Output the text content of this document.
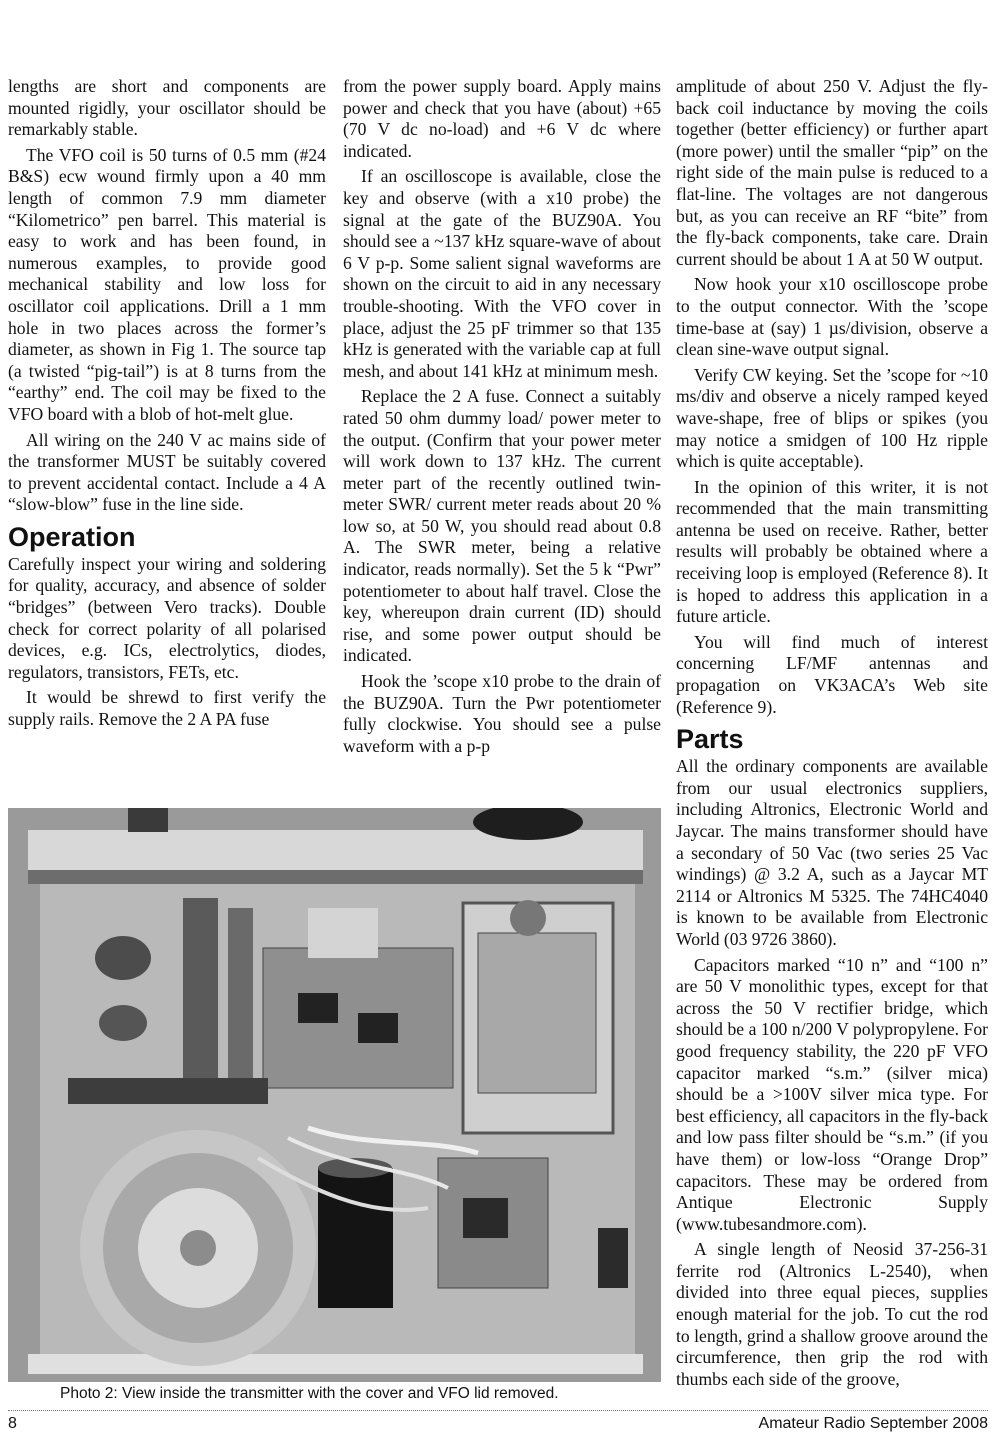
lengths are short and components are mounted rigidly, your oscillator should be remarkably stable.

The VFO coil is 50 turns of 0.5 mm (#24 B&S) ecw wound firmly upon a 40 mm length of common 7.9 mm diameter “Kilometrico” pen barrel. This material is easy to work and has been found, in numerous examples, to provide good mechanical stability and low loss for oscillator coil applications. Drill a 1 mm hole in two places across the former’s diameter, as shown in Fig 1. The source tap (a twisted “pig-tail”) is at 8 turns from the “earthy” end. The coil may be fixed to the VFO board with a blob of hot-melt glue.

All wiring on the 240 V ac mains side of the transformer MUST be suitably covered to prevent accidental contact. Include a 4 A “slow-blow” fuse in the line side.

Operation

Carefully inspect your wiring and soldering for quality, accuracy, and absence of solder “bridges” (between Vero tracks). Double check for correct polarity of all polarised devices, e.g. ICs, electrolytics, diodes, regulators, transistors, FETs, etc.

It would be shrewd to first verify the supply rails. Remove the 2 A PA fuse

from the power supply board. Apply mains power and check that you have (about) +65 (70 V dc no-load) and +6 V dc where indicated.

If an oscilloscope is available, close the key and observe (with a x10 probe) the signal at the gate of the BUZ90A. You should see a ~137 kHz square-wave of about 6 V p-p. Some salient signal waveforms are shown on the circuit to aid in any necessary trouble-shooting. With the VFO cover in place, adjust the 25 pF trimmer so that 135 kHz is generated with the variable cap at full mesh, and about 141 kHz at minimum mesh.

Replace the 2 A fuse. Connect a suitably rated 50 ohm dummy load/ power meter to the output. (Confirm that your power meter will work down to 137 kHz. The current meter part of the recently outlined twin-meter SWR/ current meter reads about 20 % low so, at 50 W, you should read about 0.8 A. The SWR meter, being a relative indicator, reads normally). Set the 5 k “Pwr” potentiometer to about half travel. Close the key, whereupon drain current (ID) should rise, and some power output should be indicated.

Hook the ’scope x10 probe to the drain of the BUZ90A. Turn the Pwr potentiometer fully clockwise. You should see a pulse waveform with a p-p

amplitude of about 250 V. Adjust the fly-back coil inductance by moving the coils together (better efficiency) or further apart (more power) until the smaller “pip” on the right side of the main pulse is reduced to a flat-line. The voltages are not dangerous but, as you can receive an RF “bite” from the fly-back components, take care. Drain current should be about 1 A at 50 W output.

Now hook your x10 oscilloscope probe to the output connector. With the ’scope time-base at (say) 1 µs/division, observe a clean sine-wave output signal.

Verify CW keying. Set the ’scope for ~10 ms/div and observe a nicely ramped keyed wave-shape, free of blips or spikes (you may notice a smidgen of 100 Hz ripple which is quite acceptable).

In the opinion of this writer, it is not recommended that the main transmitting antenna be used on receive. Rather, better results will probably be obtained where a receiving loop is employed (Reference 8). It is hoped to address this application in a future article.

You will find much of interest concerning LF/MF antennas and propagation on VK3ACA’s Web site (Reference 9).

Parts

All the ordinary components are available from our usual electronics suppliers, including Altronics, Electronic World and Jaycar. The mains transformer should have a secondary of 50 Vac (two series 25 Vac windings) @ 3.2 A, such as a Jaycar MT 2114 or Altronics M 5325. The 74HC4040 is known to be available from Electronic World (03 9726 3860).

Capacitors marked “10 n” and “100 n” are 50 V monolithic types, except for that across the 50 V rectifier bridge, which should be a 100 n/200 V polypropylene. For good frequency stability, the 220 pF VFO capacitor marked “s.m.” (silver mica) should be a >100V silver mica type. For best efficiency, all capacitors in the fly-back and low pass filter should be “s.m.” (if you have them) or low-loss “Orange Drop” capacitors. These may be ordered from Antique Electronic Supply (www.tubesandmore.com).

A single length of Neosid 37-256-31 ferrite rod (Altronics L-2540), when divided into three equal pieces, supplies enough material for the job. To cut the rod to length, grind a shallow groove around the circumference, then grip the rod with thumbs each side of the groove,

Photo 2: View inside the transmitter with the cover and VFO lid removed.
8	Amateur Radio September 2008
